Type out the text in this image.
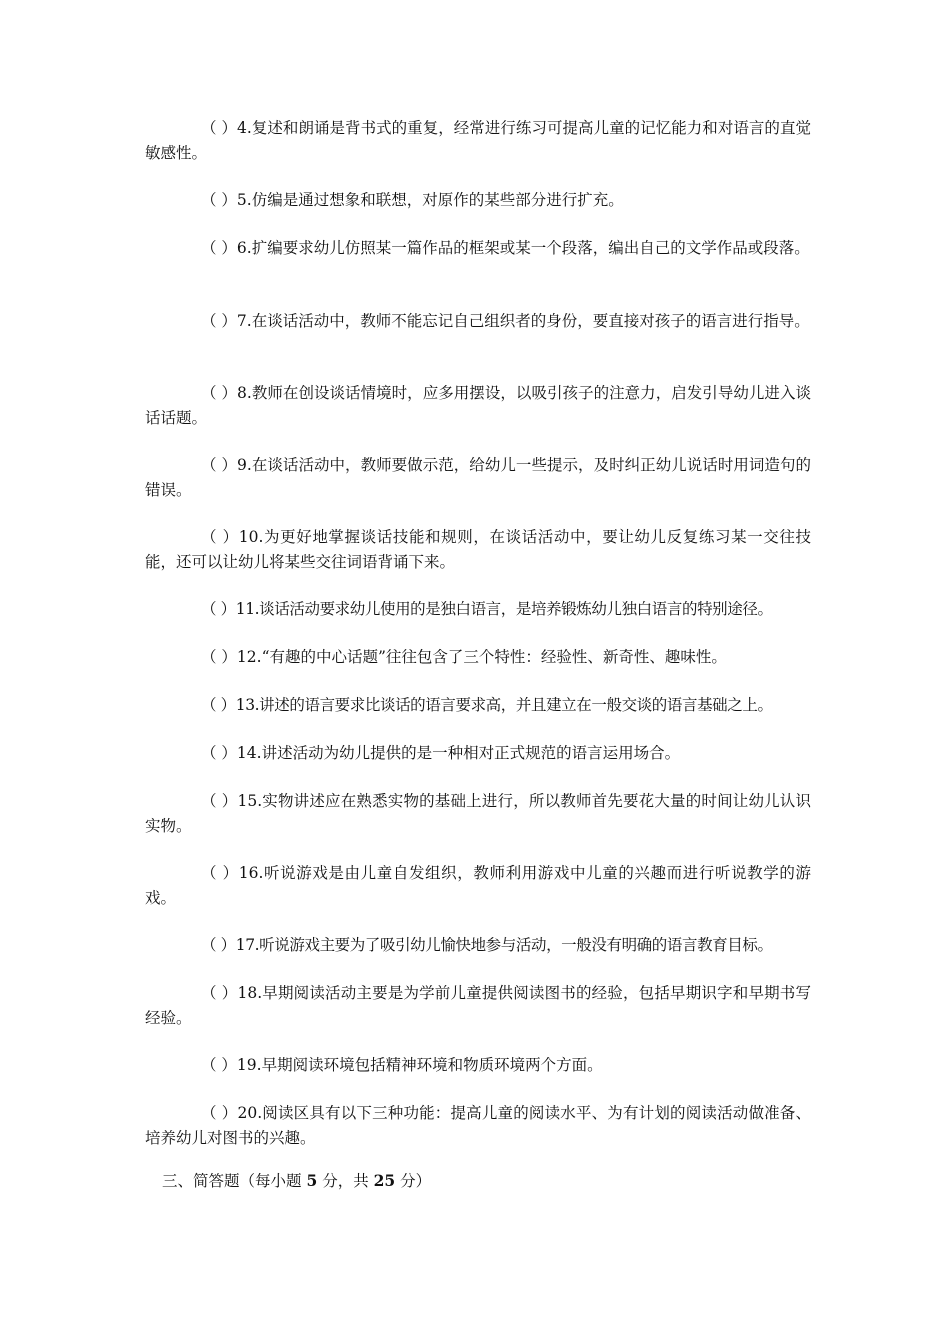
（ ）4.复述和朗诵是背书式的重复，经常进行练习可提高儿童的记忆能力和对语言的直觉敏感性。

（ ）5.仿编是通过想象和联想，对原作的某些部分进行扩充。

（ ）6.扩编要求幼儿仿照某一篇作品的框架或某一个段落，编出自己的文学作品或段落。

（ ）7.在谈话活动中，教师不能忘记自己组织者的身份，要直接对孩子的语言进行指导。

（ ）8.教师在创设谈话情境时，应多用摆设，以吸引孩子的注意力，启发引导幼儿进入谈话话题。

（ ）9.在谈话活动中，教师要做示范，给幼儿一些提示，及时纠正幼儿说话时用词造句的错误。

（ ）10.为更好地掌握谈话技能和规则，在谈话活动中，要让幼儿反复练习某一交往技能，还可以让幼儿将某些交往词语背诵下来。

（ ）11.谈话活动要求幼儿使用的是独白语言，是培养锻炼幼儿独白语言的特别途径。

（ ）12.“有趣的中心话题”往往包含了三个特性：经验性、新奇性、趣味性。

（ ）13.讲述的语言要求比谈话的语言要求高，并且建立在一般交谈的语言基础之上。

（ ）14.讲述活动为幼儿提供的是一种相对正式规范的语言运用场合。

（ ）15.实物讲述应在熟悉实物的基础上进行，所以教师首先要花大量的时间让幼儿认识实物。

（ ）16.听说游戏是由儿童自发组织，教师利用游戏中儿童的兴趣而进行听说教学的游戏。

（ ）17.听说游戏主要为了吸引幼儿愉快地参与活动，一般没有明确的语言教育目标。

（ ）18.早期阅读活动主要是为学前儿童提供阅读图书的经验，包括早期识字和早期书写经验。

（ ）19.早期阅读环境包括精神环境和物质环境两个方面。

（ ）20.阅读区具有以下三种功能：提高儿童的阅读水平、为有计划的阅读活动做准备、培养幼儿对图书的兴趣。

三、简答题（每小题 5 分，共 25 分）
